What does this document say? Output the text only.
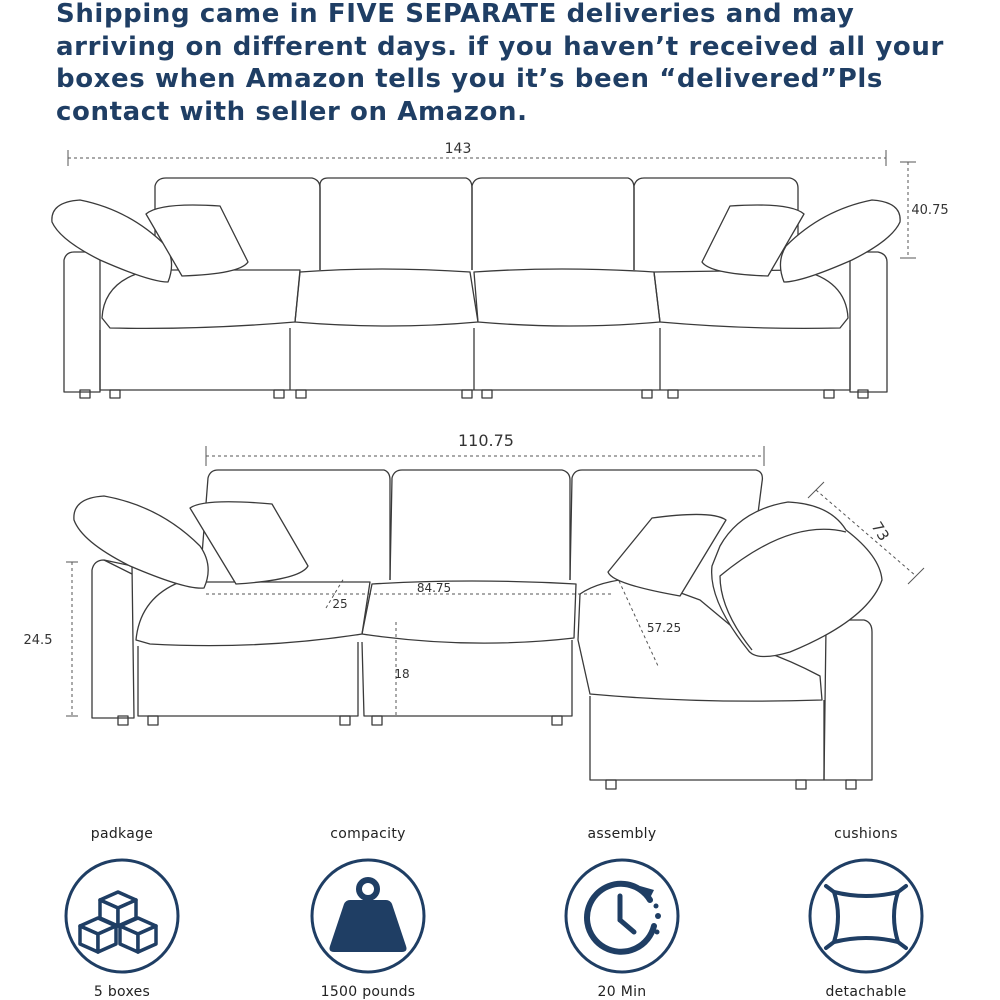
Shipping came in FIVE SEPARATE deliveries and may arriving on different days. if you haven’t received all your boxes when Amazon tells you it’s been “delivered”Pls contact with seller on Amazon.

143
40.75
110.75
73
24.5
84.75
25
57.25
18
padkage
5 boxes
compacity
1500 pounds
assembly
20 Min
cushions
detachable
